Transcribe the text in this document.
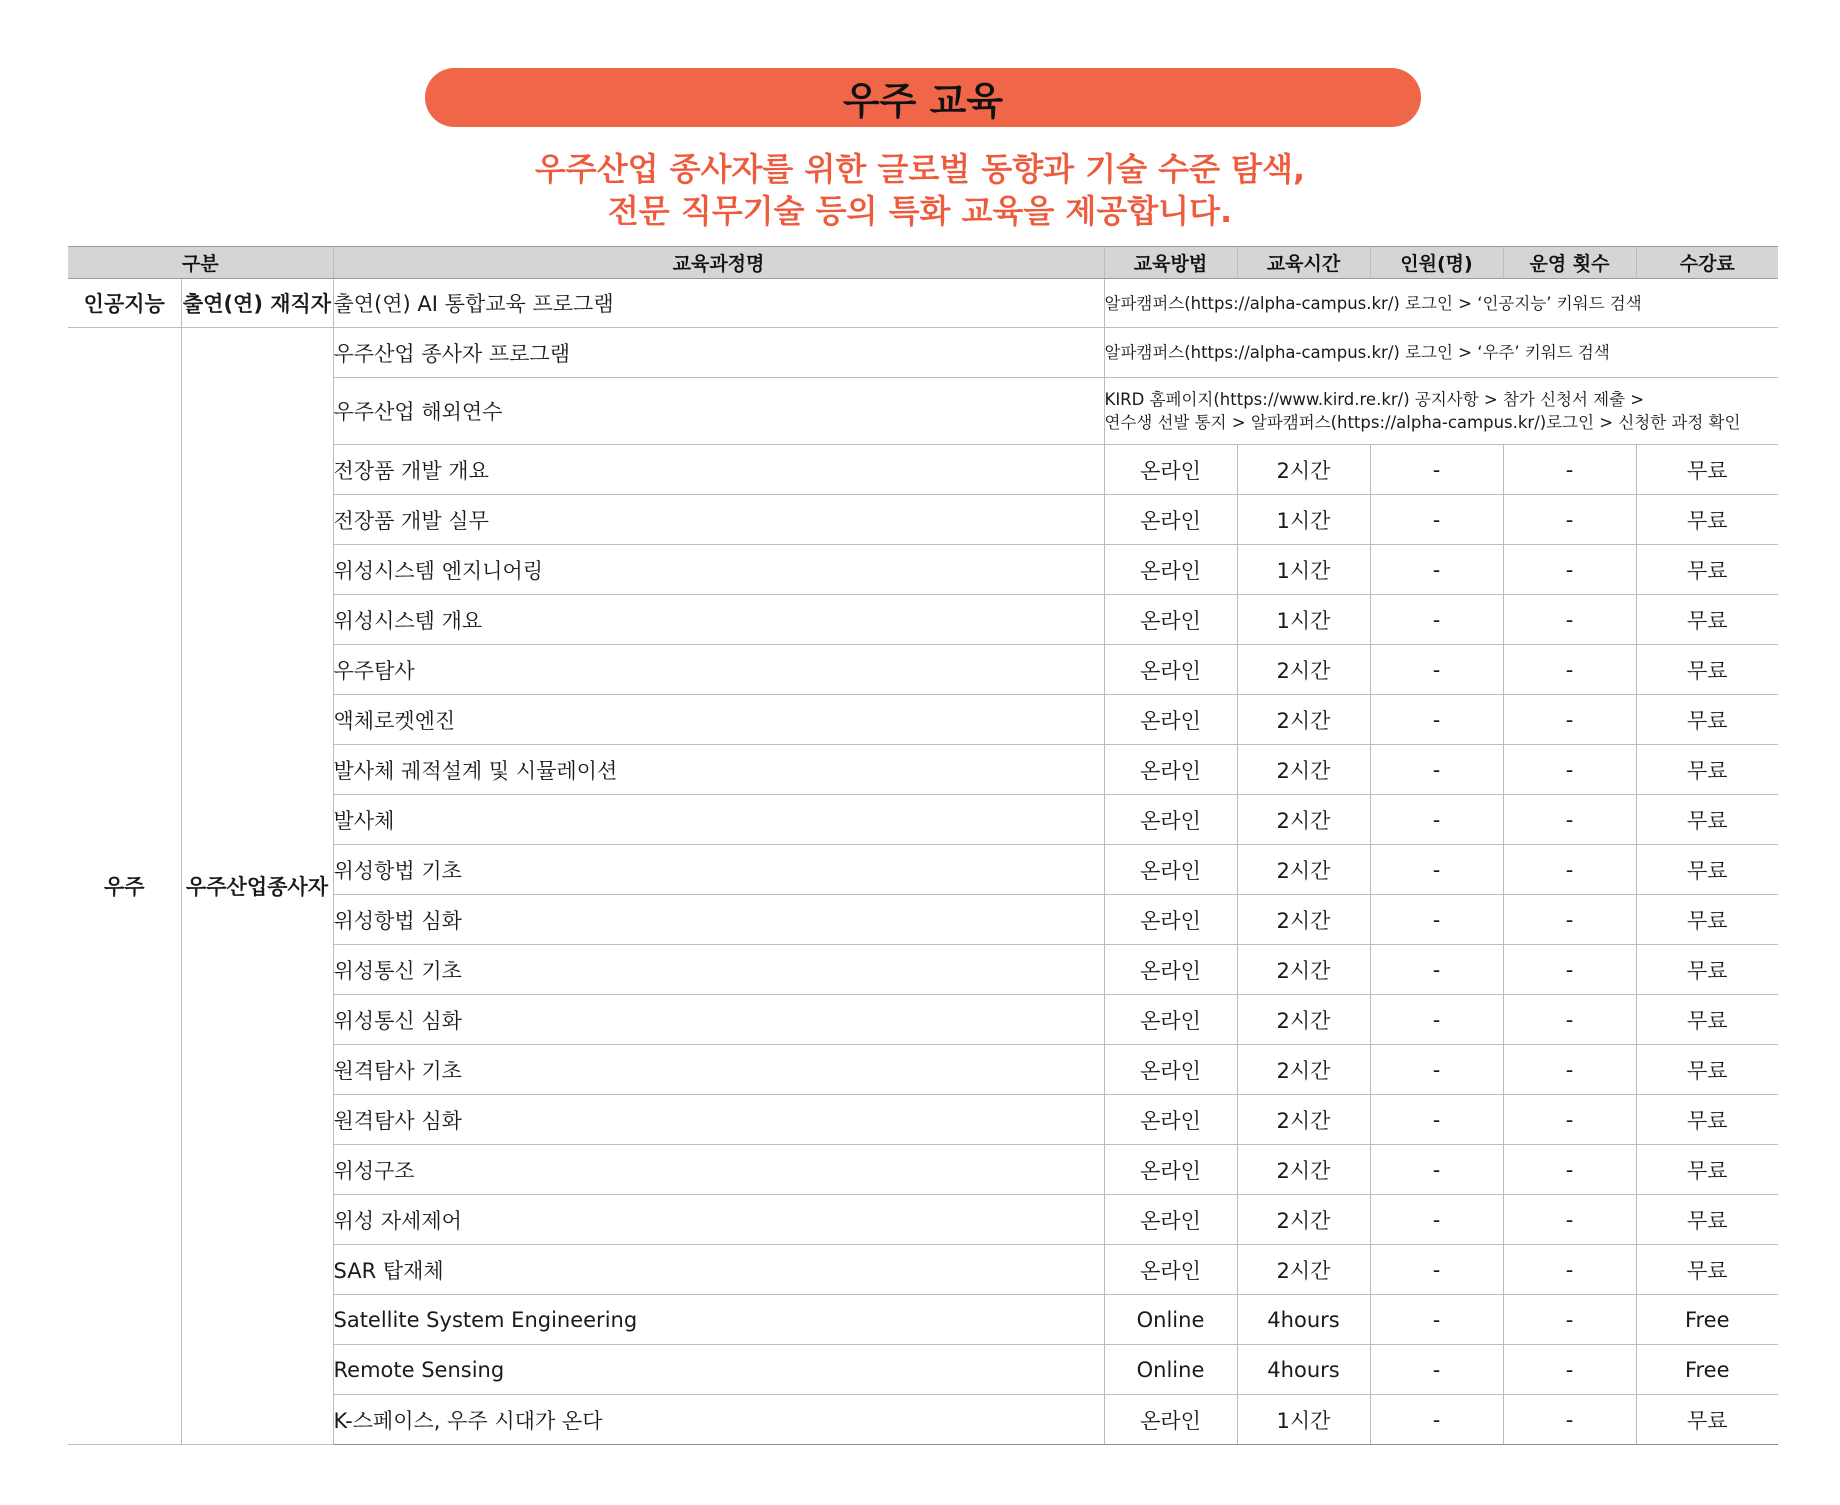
우주 교육
우주산업 종사자를 위한 글로벌 동향과 기술 수준 탐색,
전문 직무기술 등의 특화 교육을 제공합니다.
구분		교육과정명	교육방법	교육시간	인원(명)	운영 횟수	수강료
인공지능	출연(연) 재직자	출연(연) AI 통합교육 프로그램	알파캠퍼스(https://alpha-campus.kr/) 로그인 > ‘인공지능’ 키워드 검색				
우주	우주산업종사자	우주산업 종사자 프로그램	알파캠퍼스(https://alpha-campus.kr/) 로그인 > ‘우주’ 키워드 검색				
		우주산업 해외연수	KIRD 홈페이지(https://www.kird.re.kr/) 공지사항 > 참가 신청서 제출 >
연수생 선발 통지 > 알파캠퍼스(https://alpha-campus.kr/)로그인 > 신청한 과정 확인				

		전장품 개발 개요	온라인	2시간	-	-	무료
		전장품 개발 실무	온라인	1시간	-	-	무료
		위성시스템 엔지니어링	온라인	1시간	-	-	무료
		위성시스템 개요	온라인	1시간	-	-	무료
		우주탐사	온라인	2시간	-	-	무료
		액체로켓엔진	온라인	2시간	-	-	무료
		발사체 궤적설계 및 시뮬레이션	온라인	2시간	-	-	무료
		발사체	온라인	2시간	-	-	무료
		위성항법 기초	온라인	2시간	-	-	무료
		위성항법 심화	온라인	2시간	-	-	무료
		위성통신 기초	온라인	2시간	-	-	무료
		위성통신 심화	온라인	2시간	-	-	무료
		원격탐사 기초	온라인	2시간	-	-	무료
		원격탐사 심화	온라인	2시간	-	-	무료
		위성구조	온라인	2시간	-	-	무료
		위성 자세제어	온라인	2시간	-	-	무료
		SAR 탑재체	온라인	2시간	-	-	무료
		Satellite System Engineering	Online	4hours	-	-	Free
		Remote Sensing	Online	4hours	-	-	Free
		K-스페이스, 우주 시대가 온다	온라인	1시간	-	-	무료
